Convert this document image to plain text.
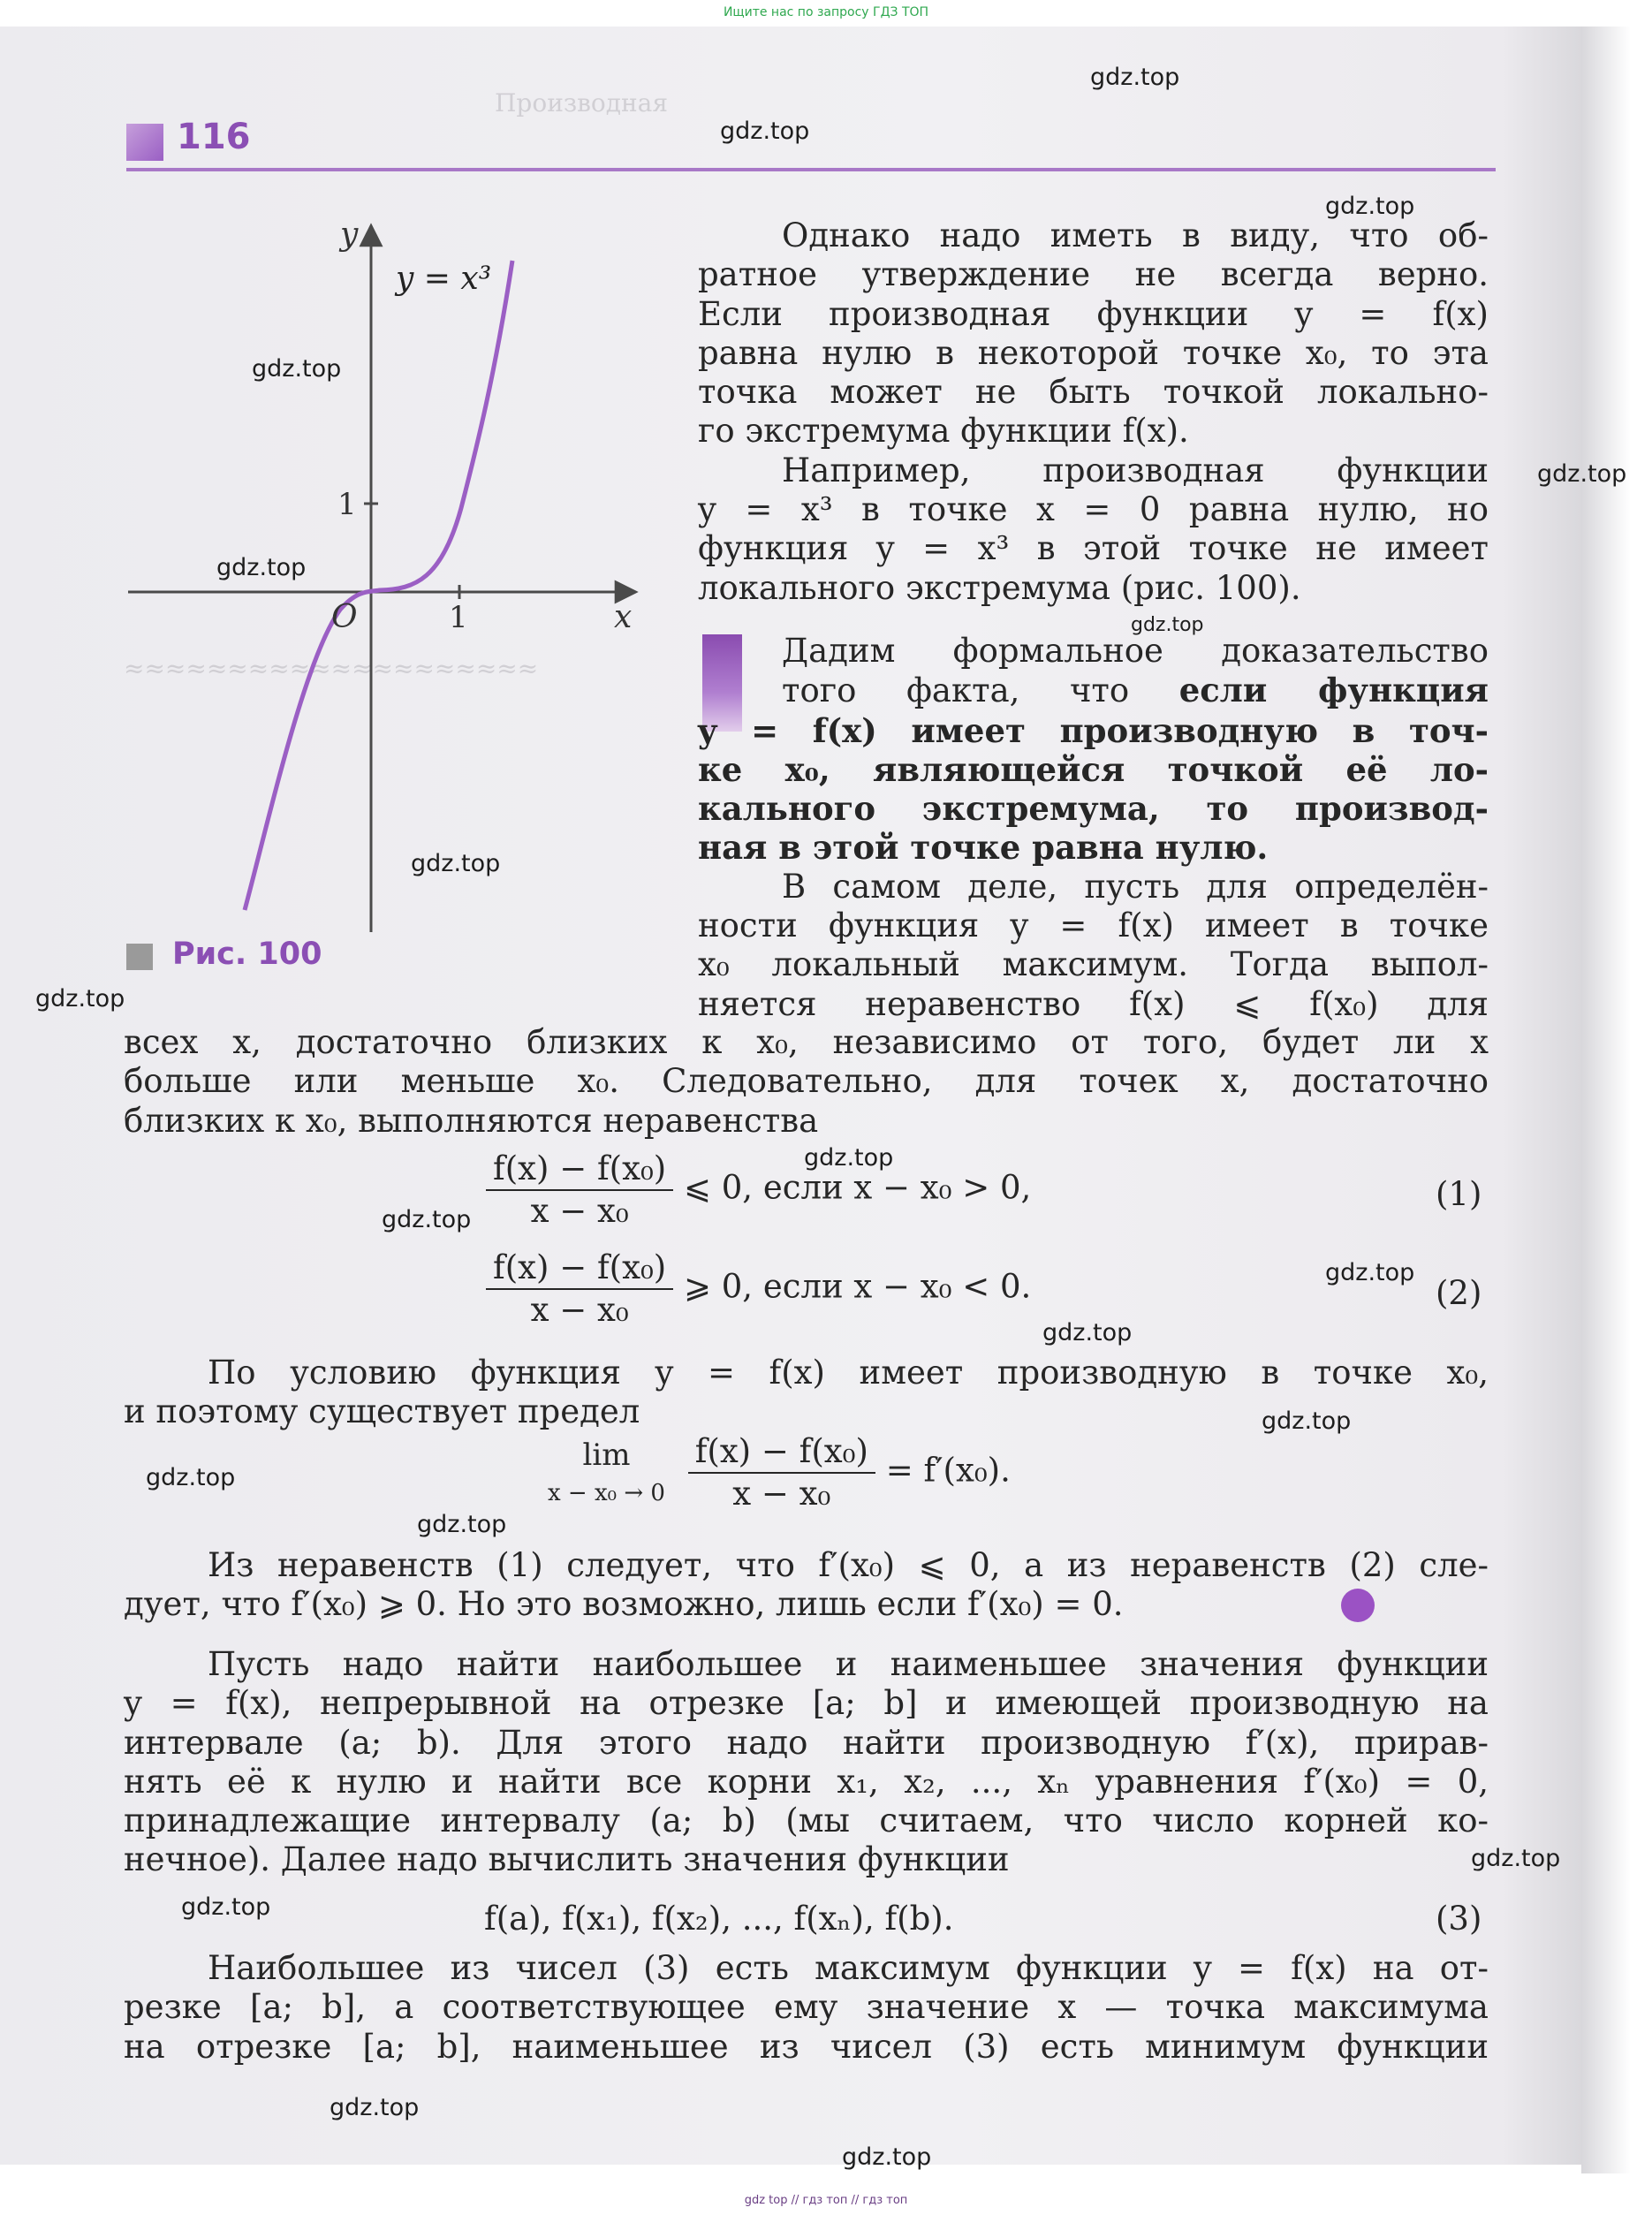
Ищите нас по запросу ГДЗ ТОП
Производная
≈≈≈≈≈≈≈≈≈≈≈≈≈≈≈≈≈≈≈≈
116
y
x
O	1
1
y = x³
Рис. 100
Однако надо иметь в виду, что об-
ратное утверждение не всегда верно.
Если производная функции y = f(x)
равна нулю в некоторой точке x₀, то эта
точка может не быть точкой локально-
го экстремума функции f(x).
Например, производная функции
y = x³ в точке x = 0 равна нулю, но
функция y = x³ в этой точке не имеет
локального экстремума (рис. 100).
Дадим формальное доказательство
того факта, что если функция
y = f(x) имеет производную в точ-
ке x₀, являющейся точкой её ло-
кального экстремума, то производ-
ная в этой точке равна нулю.
В самом деле, пусть для определён-
ности функция y = f(x) имеет в точке
x₀ локальный максимум. Тогда выпол-
няется неравенство f(x) ⩽ f(x₀) для
всех x, достаточно близких к x₀, независимо от того, будет ли x
больше или меньше x₀. Следовательно, для точек x, достаточно
близких к x₀, выполняются неравенства
$\frac{\text{f(x) − f(x₀)}}{\text{x − x₀}}$ ⩽ 0, если x − x₀ > 0,	(1)
$\frac{\text{f(x) − f(x₀)}}{\text{x − x₀}}$ ⩾ 0, если x − x₀ < 0.	(2)
По условию функция y = f(x) имеет производную в точке x₀,
и поэтому существует предел
lim
x − x₀ → 0
$\frac{\text{f(x) − f(x₀)}}{\text{x − x₀}} = f'(x_0)$.
Из неравенств (1) следует, что f′(x₀) ⩽ 0, а из неравенств (2) сле-
дует, что f′(x₀) ⩾ 0. Но это возможно, лишь если f′(x₀) = 0.
Пусть надо найти наибольшее и наименьшее значения функции
y = f(x), непрерывной на отрезке [a; b] и имеющей производную на
интервале (a; b). Для этого надо найти производную f′(x), прирав-
нять её к нулю и найти все корни x₁, x₂, ..., xₙ уравнения f′(x₀) = 0,
принадлежащие интервалу (a; b) (мы считаем, что число корней ко-
нечное). Далее надо вычислить значения функции
f(a), f(x₁), f(x₂), ..., f(xₙ), f(b).	(3)
Наибольшее из чисел (3) есть максимум функции y = f(x) на от-
резке [a; b], а соответствующее ему значение x — точка максимума
на отрезке [a; b], наименьшее из чисел (3) есть минимум функции
gdz.top
gdz.top
gdz.top
gdz.top
gdz.top
gdz.top
gdz.top
gdz.top
gdz.top
gdz.top
gdz.top
gdz.top
gdz.top
gdz.top
gdz.top
gdz.top
gdz.top
gdz.top
gdz.top
gdz.top
gdz top // гдз топ // гдз топ
